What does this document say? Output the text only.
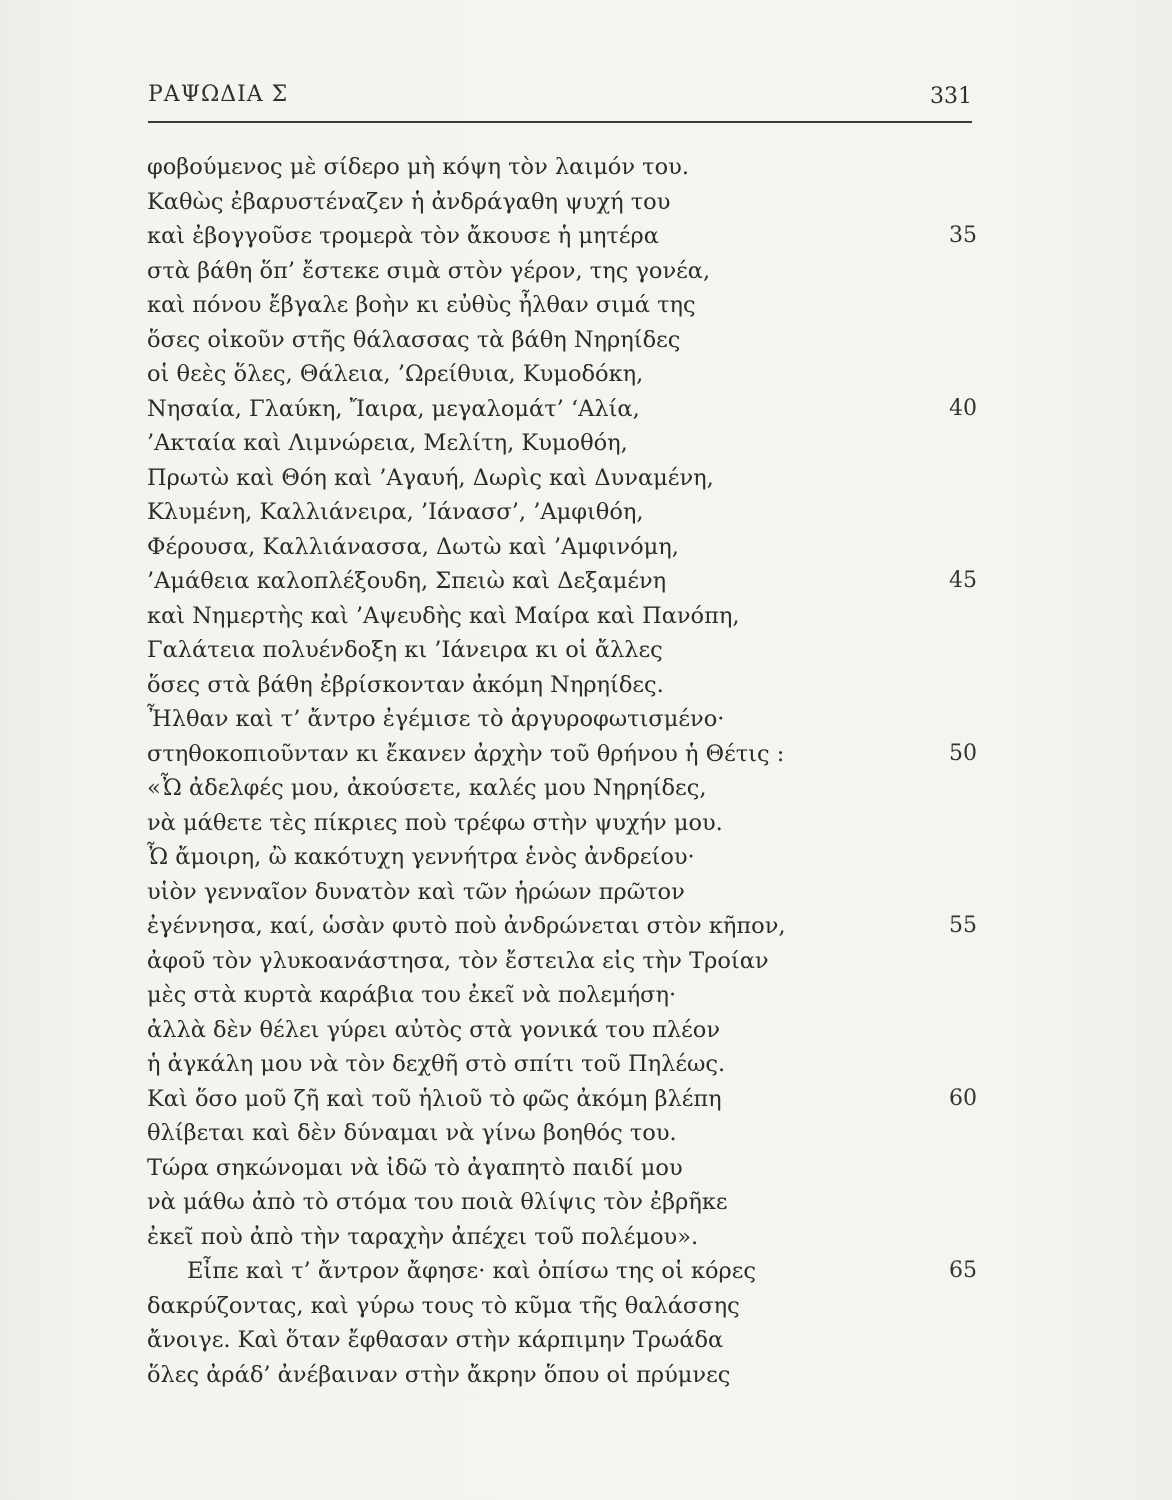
ΡΑΨΩΔΙΑ Σ	331
φοβούμενος μὲ σίδερο μὴ κόψη τὸν λαιμόν του.
Καθὼς ἐβαρυστέναζεν ἡ ἀνδράγαθη ψυχή του
καὶ ἐβογγοῦσε τρομερὰ τὸν ἄκουσε ἡ μητέρα	35
στὰ βάθη ὅπ’ ἔστεκε σιμὰ στὸν γέρον, της γονέα,
καὶ πόνου ἔβγαλε βοὴν κι εὐθὺς ἦλθαν σιμά της
ὅσες οἰκοῦν στῆς θάλασσας τὰ βάθη Νηρηίδες
οἱ θεὲς ὅλες, Θάλεια, ’Ωρείθυια, Κυμοδόκη,
Νησαία, Γλαύκη, Ἴαιρα, μεγαλομάτ’ ‘Αλία,	40
’Ακταία καὶ Λιμνώρεια, Μελίτη, Κυμοθόη,
Πρωτὼ καὶ Θόη καὶ ’Αγαυή, Δωρὶς καὶ Δυναμένη,
Κλυμένη, Καλλιάνειρα, ’Ιάνασσ’, ’Αμφιθόη,
Φέρουσα, Καλλιάνασσα, Δωτὼ καὶ ’Αμφινόμη,
’Αμάθεια καλοπλέξουδη, Σπειὼ καὶ Δεξαμένη	45
καὶ Νημερτὴς καὶ ’Αψευδὴς καὶ Μαίρα καὶ Πανόπη,
Γαλάτεια πολυένδοξη κι ’Ιάνειρα κι οἱ ἄλλες
ὅσες στὰ βάθη ἐβρίσκονταν ἀκόμη Νηρηίδες.
Ἦλθαν καὶ τ’ ἄντρο ἐγέμισε τὸ ἀργυροφωτισμένο·
στηθοκοπιοῦνταν κι ἔκανεν ἀρχὴν τοῦ θρήνου ἡ Θέτις :	50
«Ὦ ἀδελφές μου, ἀκούσετε, καλές μου Νηρηίδες,
νὰ μάθετε τὲς πίκριες ποὺ τρέφω στὴν ψυχήν μου.
Ὦ ἄμοιρη, ὢ κακότυχη γεννήτρα ἑνὸς ἀνδρείου·
υἱὸν γενναῖον δυνατὸν καὶ τῶν ἡρώων πρῶτον
ἐγέννησα, καί, ὡσὰν φυτὸ ποὺ ἀνδρώνεται στὸν κῆπον,	55
ἀφοῦ τὸν γλυκοανάστησα, τὸν ἔστειλα εἰς τὴν Τροίαν
μὲς στὰ κυρτὰ καράβια του ἐκεῖ νὰ πολεμήση·
ἀλλὰ δὲν θέλει γύρει αὐτὸς στὰ γονικά του πλέον
ἡ ἀγκάλη μου νὰ τὸν δεχθῆ στὸ σπίτι τοῦ Πηλέως.
Καὶ ὅσο μοῦ ζῆ καὶ τοῦ ἡλιοῦ τὸ φῶς ἀκόμη βλέπη	60
θλίβεται καὶ δὲν δύναμαι νὰ γίνω βοηθός του.
Τώρα σηκώνομαι νὰ ἰδῶ τὸ ἀγαπητὸ παιδί μου
νὰ μάθω ἀπὸ τὸ στόμα του ποιὰ θλίψις τὸν ἐβρῆκε
ἐκεῖ ποὺ ἀπὸ τὴν ταραχὴν ἀπέχει τοῦ πολέμου».
Εἶπε καὶ τ’ ἄντρον ἄφησε· καὶ ὀπίσω της οἱ κόρες	65
δακρύζοντας, καὶ γύρω τους τὸ κῦμα τῆς θαλάσσης
ἄνοιγε. Καὶ ὅταν ἔφθασαν στὴν κάρπιμην Τρωάδα
ὅλες ἀράδ’ ἀνέβαιναν στὴν ἄκρην ὅπου οἱ πρύμνες
